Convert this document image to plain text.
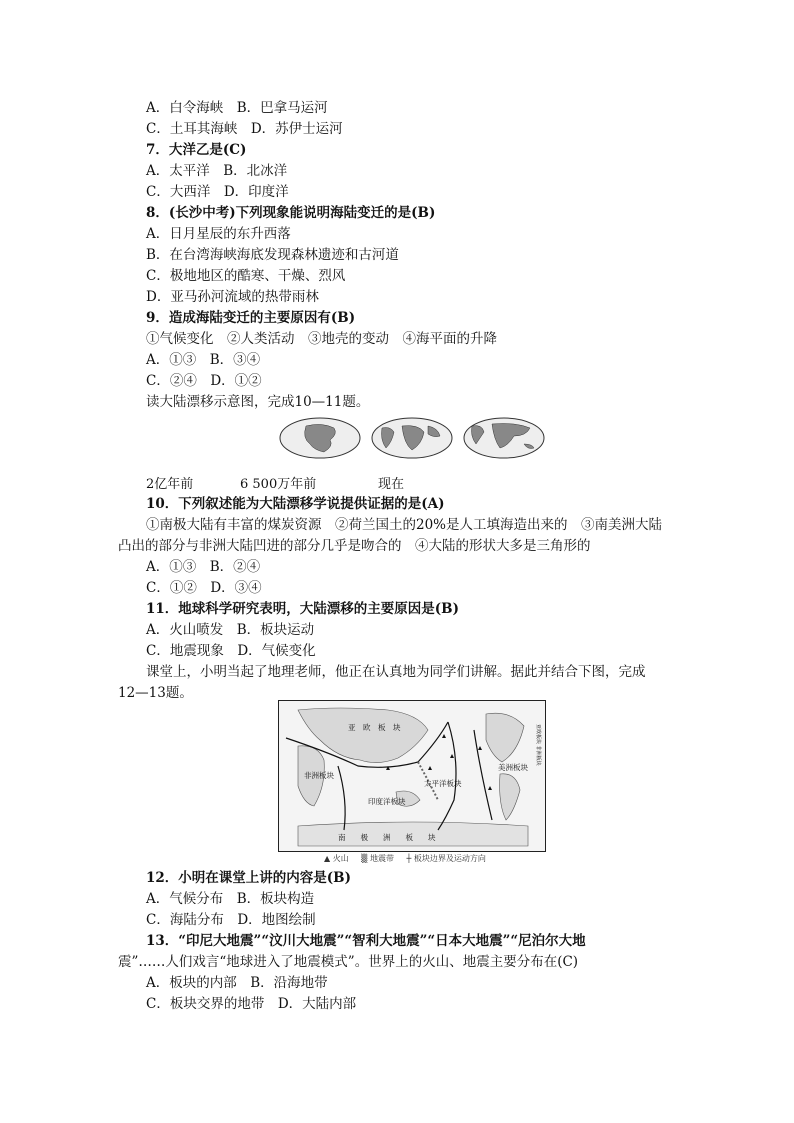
A．白令海峡　B．巴拿马运河
C．土耳其海峡　D．苏伊士运河
7．大洋乙是(C)
A．太平洋　B．北冰洋
C．大西洋　D．印度洋
8．(长沙中考)下列现象能说明海陆变迁的是(B)
A．日月星辰的东升西落
B．在台湾海峡海底发现森林遗迹和古河道
C．极地地区的酷寒、干燥、烈风
D．亚马孙河流域的热带雨林
9．造成海陆变迁的主要原因有(B)
①气候变化　②人类活动　③地壳的变动　④海平面的升降
A．①③　B．③④
C．②④　D．①②
读大陆漂移示意图，完成10—11题。
2亿年前	6 500万年前	现在
10．下列叙述能为大陆漂移学说提供证据的是(A)
①南极大陆有丰富的煤炭资源　②荷兰国土的20%是人工填海造出来的　③南美洲大陆
凸出的部分与非洲大陆凹进的部分几乎是吻合的　④大陆的形状大多是三角形的
A．①③　B．②④
C．①②　D．③④
11．地球科学研究表明，大陆漂移的主要原因是(B)
A．火山喷发　B．板块运动
C．地震现象　D．气候变化
课堂上，小明当起了地理老师，他正在认真地为同学们讲解。据此并结合下图，完成
12—13题。
亚　欧　板　块
非洲板块
太平洋板块
印度洋板块
美洲板块
南　　极　　洲　　板　　块
亚欧板块 非洲板块
▲ 火山 ▒ 地震带 ┼ 板块边界及运动方向
12．小明在课堂上讲的内容是(B)
A．气候分布　B．板块构造
C．海陆分布　D．地图绘制
13．“印尼大地震”“汶川大地震”“智利大地震”“日本大地震”“尼泊尔大地
震”……人们戏言“地球进入了地震模式”。世界上的火山、地震主要分布在(C)
A．板块的内部　B．沿海地带
C．板块交界的地带　D．大陆内部
